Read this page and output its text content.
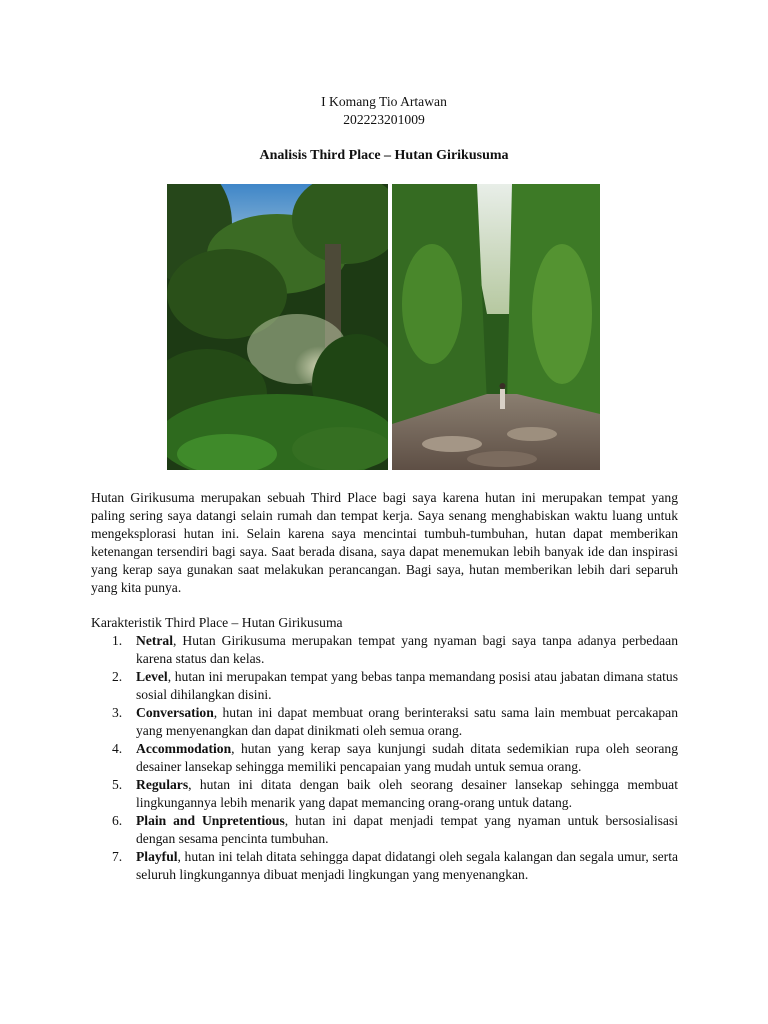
I Komang Tio Artawan
202223201009
Analisis Third Place – Hutan Girikusuma
Hutan Girikusuma merupakan sebuah Third Place bagi saya karena hutan ini merupakan tempat yang paling sering saya datangi selain rumah dan tempat kerja. Saya senang menghabiskan waktu luang untuk mengeksplorasi hutan ini. Selain karena saya mencintai tumbuh-tumbuhan, hutan dapat memberikan ketenangan tersendiri bagi saya. Saat berada disana, saya dapat menemukan lebih banyak ide dan inspirasi yang kerap saya gunakan saat melakukan perancangan. Bagi saya, hutan memberikan lebih dari separuh yang kita punya.
Karakteristik Third Place – Hutan Girikusuma
1. Netral, Hutan Girikusuma merupakan tempat yang nyaman bagi saya tanpa adanya perbedaan karena status dan kelas.
2. Level, hutan ini merupakan tempat yang bebas tanpa memandang posisi atau jabatan dimana status sosial dihilangkan disini.
3. Conversation, hutan ini dapat membuat orang berinteraksi satu sama lain membuat percakapan yang menyenangkan dan dapat dinikmati oleh semua orang.
4. Accommodation, hutan yang kerap saya kunjungi sudah ditata sedemikian rupa oleh seorang desainer lansekap sehingga memiliki pencapaian yang mudah untuk semua orang.
5. Regulars, hutan ini ditata dengan baik oleh seorang desainer lansekap sehingga membuat lingkungannya lebih menarik yang dapat memancing orang-orang untuk datang.
6. Plain and Unpretentious, hutan ini dapat menjadi tempat yang nyaman untuk bersosialisasi dengan sesama pencinta tumbuhan.
7. Playful, hutan ini telah ditata sehingga dapat didatangi oleh segala kalangan dan segala umur, serta seluruh lingkungannya dibuat menjadi lingkungan yang menyenangkan.
